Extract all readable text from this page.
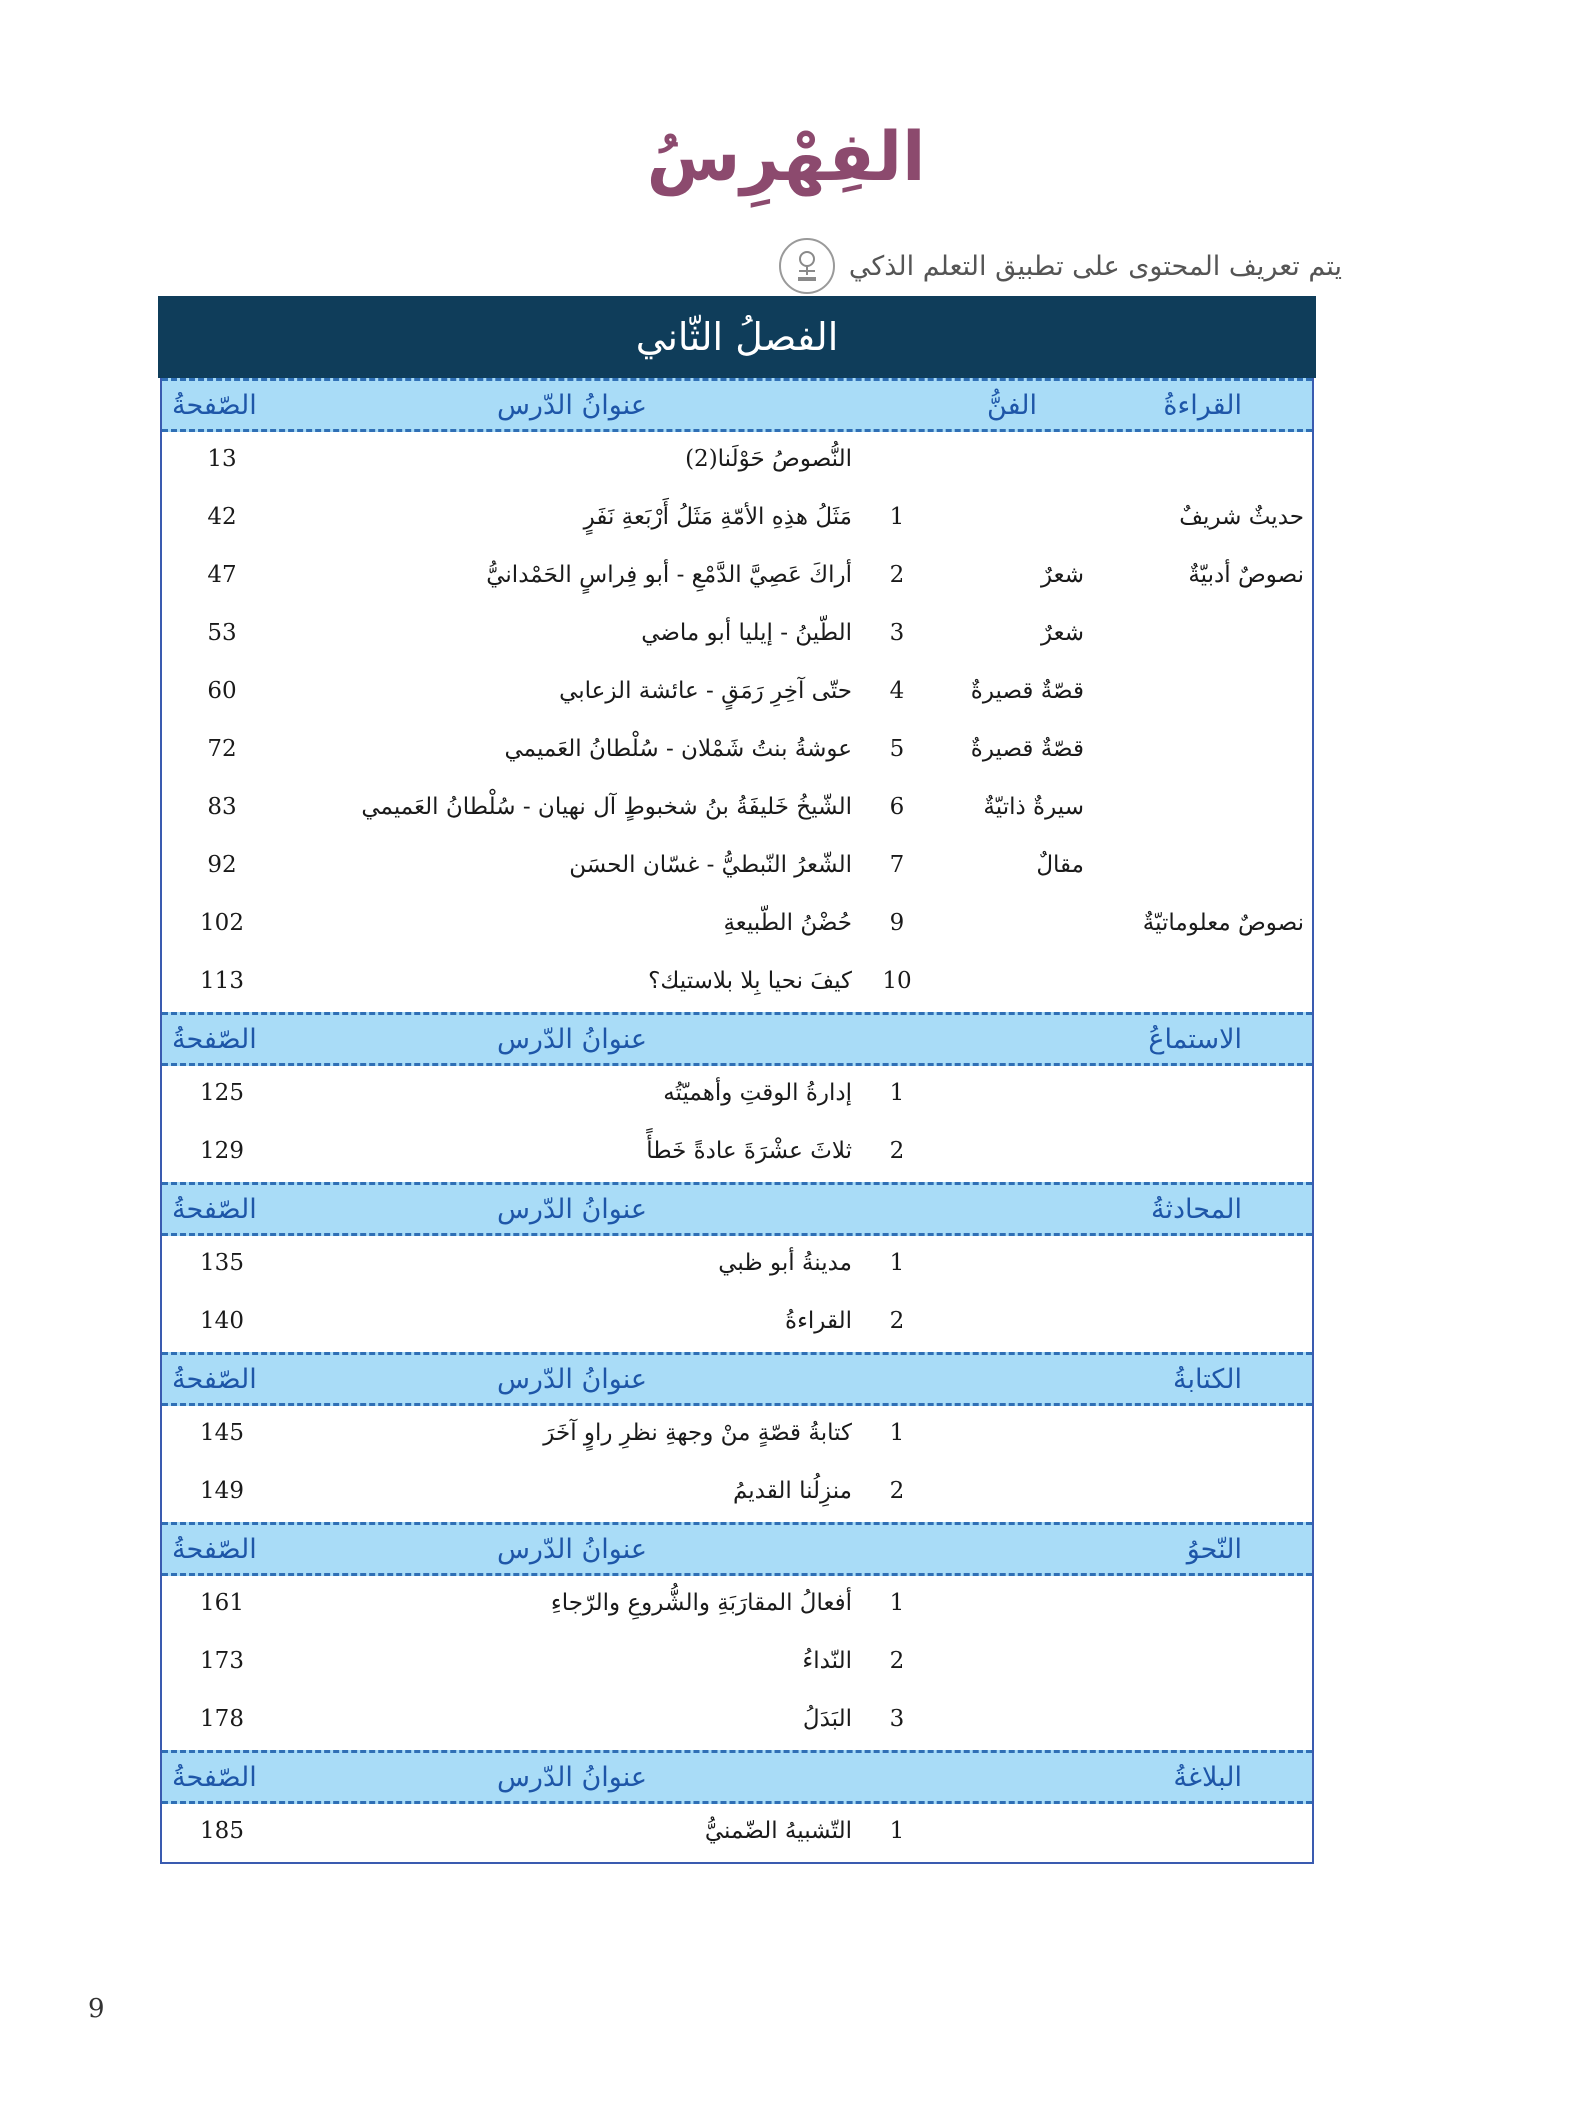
الفِهْرِسُ
يتم تعريف المحتوى على تطبيق التعلم الذكي
الفصلُ الثّاني
القراءةُ
الفنُّ
عنوانُ الدّرس
الصّفحةُ
النُّصوصُ حَوْلَنا(2)
13
حديثٌ شريفٌ
1
مَثَلُ هذِهِ الأمّةِ مَثَلُ أَرْبَعةِ نَفَرٍ
42
نصوصٌ أدبيّةٌ
شعرٌ
2
أراكَ عَصِيَّ الدَّمْعِ - أبو فِراسٍ الحَمْدانيُّ
47
شعرٌ
3
الطّينُ - إيليا أبو ماضي
53
قصّةٌ قصيرةٌ
4
حتّى آخِرِ رَمَقٍ - عائشة الزعابي
60
قصّةٌ قصيرةٌ
5
عوشةُ بنتُ شَمْلان - سُلْطانُ العَميمي
72
سيرةٌ ذاتيّةٌ
6
الشّيخُ خَليفَةُ بنُ شخبوطٍ آل نهيان - سُلْطانُ العَميمي
83
مقالٌ
7
الشّعرُ النّبطيُّ - غسّان الحسَن
92
نصوصٌ معلوماتيّةٌ
9
حُضْنُ الطّبيعةِ
102
10
كيفَ نحيا بِلا بلاستيك؟
113
الاستماعُ
عنوانُ الدّرس
الصّفحةُ
1
إدارةُ الوقتِ وأهميّتُه
125
2
ثلاثَ عشْرَةَ عادةً خَطأً
129
المحادثةُ
عنوانُ الدّرس
الصّفحةُ
1
مدينةُ أبو ظبي
135
2
القراءةُ
140
الكتابةُ
عنوانُ الدّرس
الصّفحةُ
1
كتابةُ قصّةٍ منْ وجهةِ نظرِ راوٍ آخَرَ
145
2
منزِلُنا القديمُ
149
النّحوُ
عنوانُ الدّرس
الصّفحةُ
1
أفعالُ المقارَبَةِ والشُّروعِ والرّجاءِ
161
2
النّداءُ
173
3
البَدَلُ
178
البلاغةُ
عنوانُ الدّرس
الصّفحةُ
1
التّشبيهُ الضّمنيُّ
185
9
